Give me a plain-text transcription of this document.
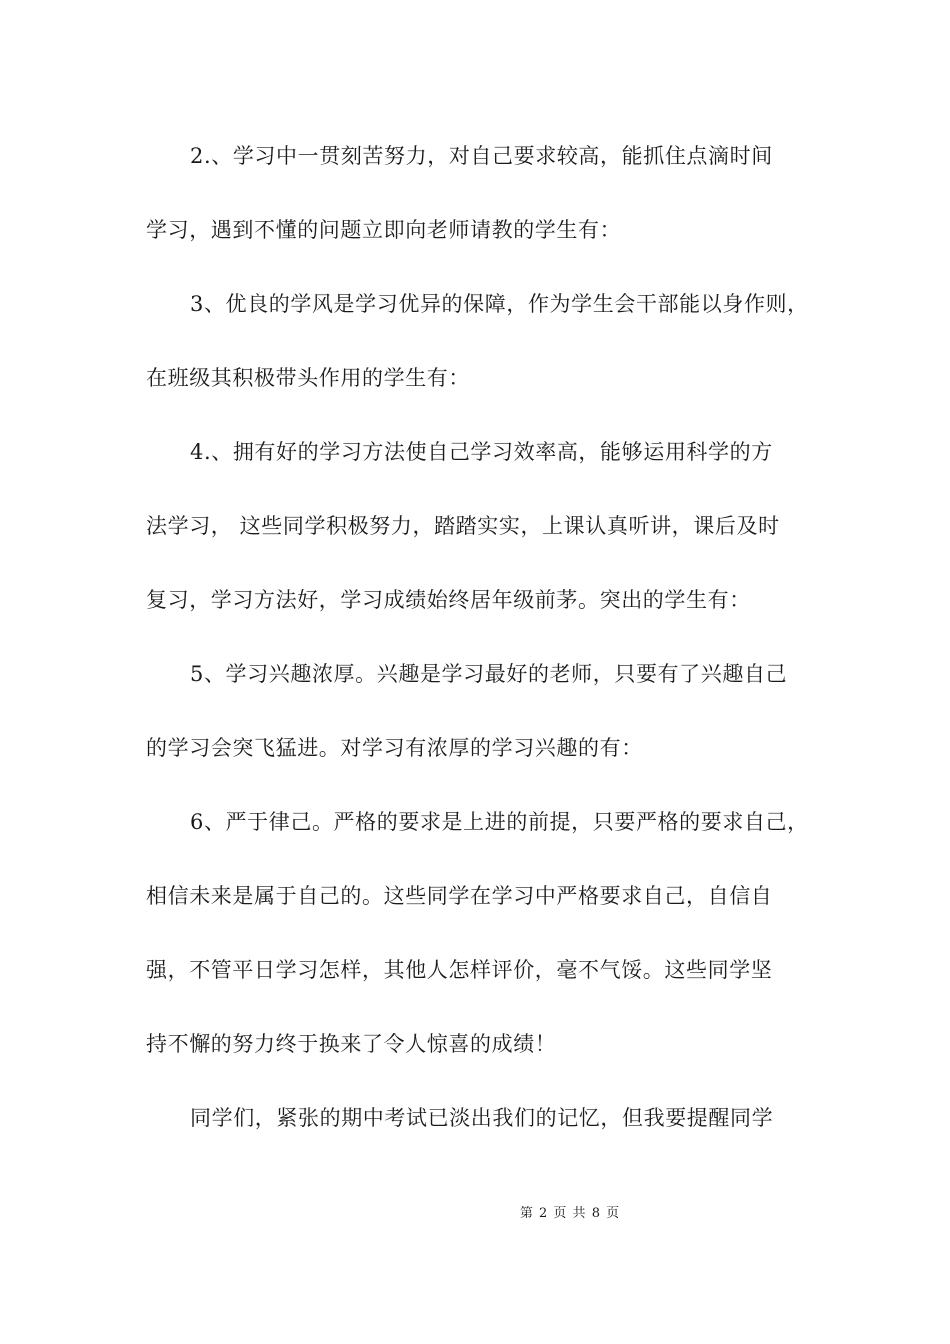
2.、学习中一贯刻苦努力，对自己要求较高，能抓住点滴时间
学习，遇到不懂的问题立即向老师请教的学生有：
3、优良的学风是学习优异的保障，作为学生会干部能以身作则，
在班级其积极带头作用的学生有：
4.、拥有好的学习方法使自己学习效率高，能够运用科学的方
法学习， 这些同学积极努力，踏踏实实，上课认真听讲，课后及时
复习，学习方法好，学习成绩始终居年级前茅。突出的学生有：
5、学习兴趣浓厚。兴趣是学习最好的老师，只要有了兴趣自己
的学习会突飞猛进。对学习有浓厚的学习兴趣的有：
6、严于律己。严格的要求是上进的前提，只要严格的要求自己，
相信未来是属于自己的。这些同学在学习中严格要求自己，自信自
强，不管平日学习怎样，其他人怎样评价，毫不气馁。这些同学坚
持不懈的努力终于换来了令人惊喜的成绩！
同学们，紧张的期中考试已淡出我们的记忆，但我要提醒同学
第 2 页 共 8 页
